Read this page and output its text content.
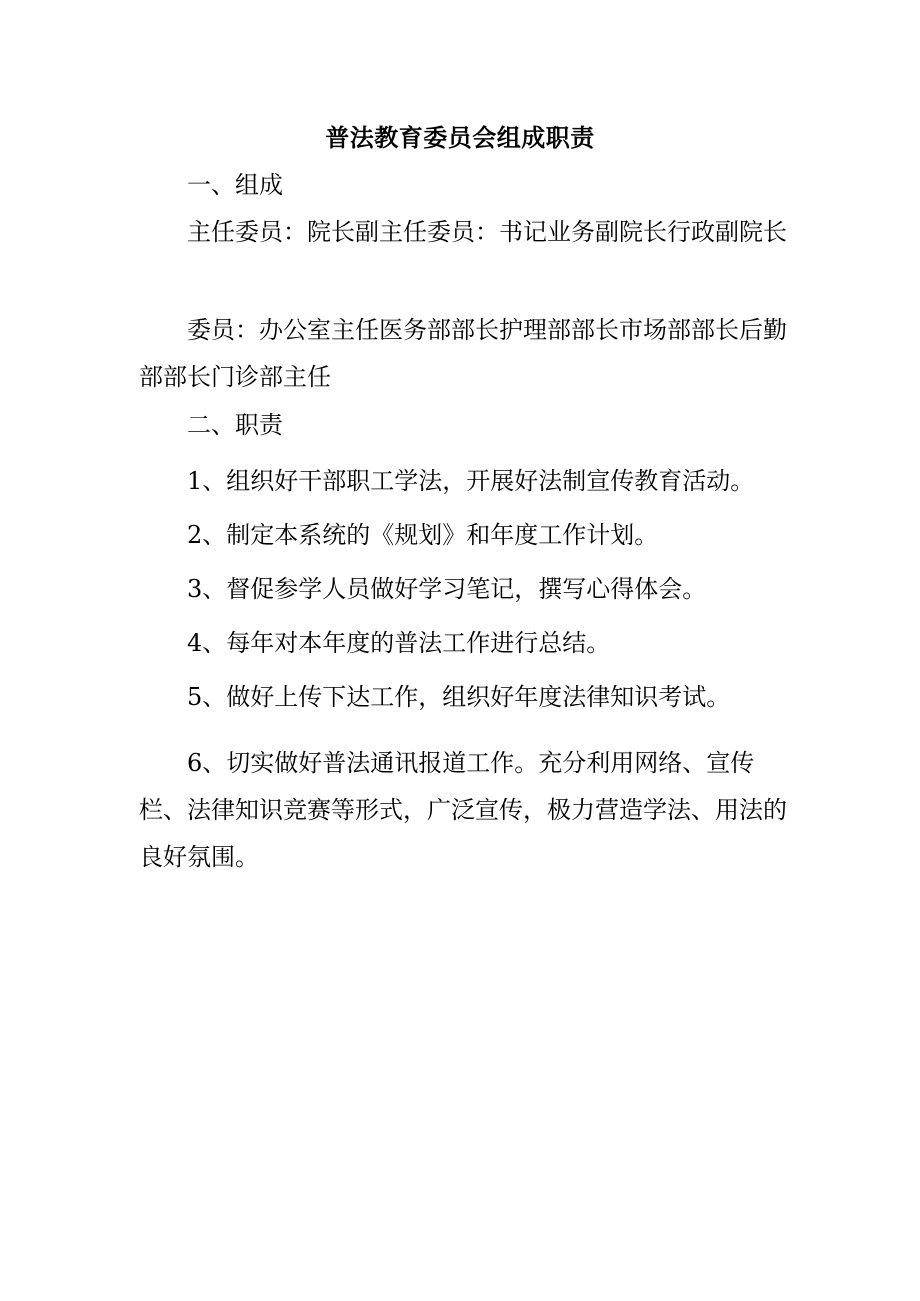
普法教育委员会组成职责
一、组成
主任委员：院长副主任委员：书记业务副院长行政副院长
委员：办公室主任医务部部长护理部部长市场部部长后勤部部长门诊部主任
二、职责
1、组织好干部职工学法，开展好法制宣传教育活动。
2、制定本系统的《规划》和年度工作计划。
3、督促参学人员做好学习笔记，撰写心得体会。
4、每年对本年度的普法工作进行总结。
5、做好上传下达工作，组织好年度法律知识考试。
6、切实做好普法通讯报道工作。充分利用网络、宣传栏、法律知识竞赛等形式，广泛宣传，极力营造学法、用法的良好氛围。
